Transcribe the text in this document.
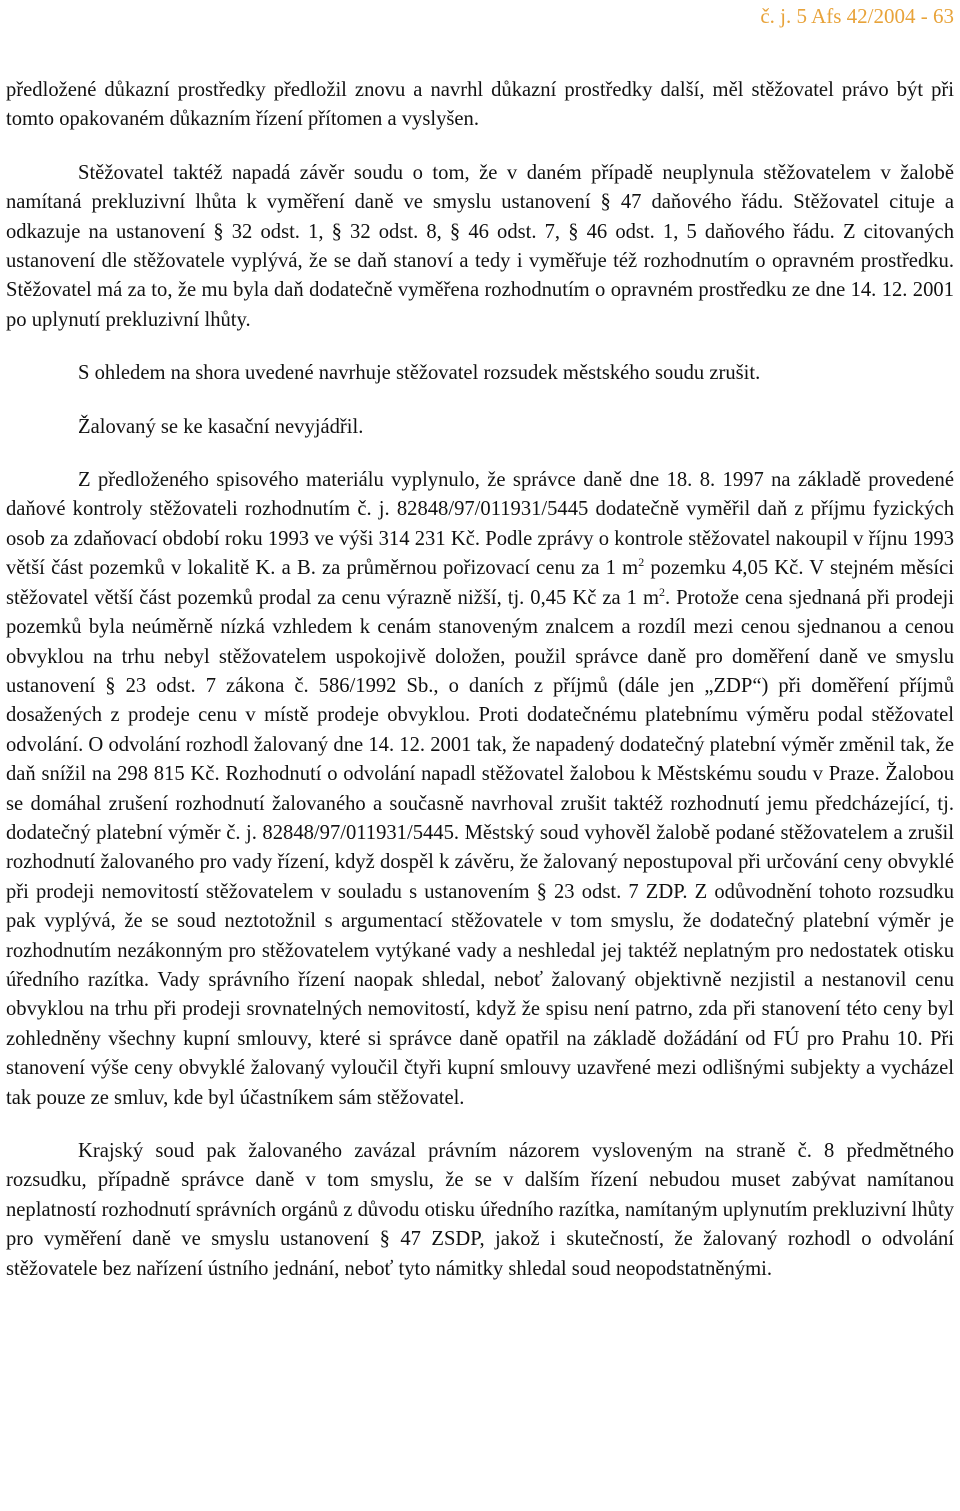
č. j. 5 Afs 42/2004 - 63

předložené důkazní prostředky předložil znovu a navrhl důkazní prostředky další, měl stěžovatel právo být při tomto opakovaném důkazním řízení přítomen a vyslyšen.

Stěžovatel taktéž napadá závěr soudu o tom, že v daném případě neuplynula stěžovatelem v žalobě namítaná prekluzivní lhůta k vyměření daně ve smyslu ustanovení § 47 daňového řádu. Stěžovatel cituje a odkazuje na ustanovení § 32 odst. 1, § 32 odst. 8, § 46 odst. 7, § 46 odst. 1, 5 daňového řádu. Z citovaných ustanovení dle stěžovatele vyplývá, že se daň stanoví a tedy i vyměřuje též rozhodnutím o opravném prostředku. Stěžovatel má za to, že mu byla daň dodatečně vyměřena rozhodnutím o opravném prostředku ze dne 14. 12. 2001 po uplynutí prekluzivní lhůty.

S ohledem na shora uvedené navrhuje stěžovatel rozsudek městského soudu zrušit.

Žalovaný se ke kasační nevyjádřil.

Z předloženého spisového materiálu vyplynulo, že správce daně dne 18. 8. 1997 na základě provedené daňové kontroly stěžovateli rozhodnutím č. j. 82848/97/011931/5445 dodatečně vyměřil daň z příjmu fyzických osob za zdaňovací období roku 1993 ve výši 314 231 Kč. Podle zprávy o kontrole stěžovatel nakoupil v říjnu 1993 větší část pozemků v lokalitě K. a B. za průměrnou pořizovací cenu za 1 $m^2$ pozemku 4,05 Kč. V stejném měsíci stěžovatel větší část pozemků prodal za cenu výrazně nižší, tj. 0,45 Kč za 1 $m^2$. Protože cena sjednaná při prodeji pozemků byla neúměrně nízká vzhledem k cenám stanoveným znalcem a rozdíl mezi cenou sjednanou a cenou obvyklou na trhu nebyl stěžovatelem uspokojivě doložen, použil správce daně pro doměření daně ve smyslu ustanovení § 23 odst. 7 zákona č. 586/1992 Sb., o daních z příjmů (dále jen „ZDP“) při doměření příjmů dosažených z prodeje cenu v místě prodeje obvyklou. Proti dodatečnému platebnímu výměru podal stěžovatel odvolání. O odvolání rozhodl žalovaný dne 14. 12. 2001 tak, že napadený dodatečný platební výměr změnil tak, že daň snížil na 298 815 Kč. Rozhodnutí o odvolání napadl stěžovatel žalobou k Městskému soudu v Praze. Žalobou se domáhal zrušení rozhodnutí žalovaného a současně navrhoval zrušit taktéž rozhodnutí jemu předcházející, tj. dodatečný platební výměr č. j. 82848/97/011931/5445. Městský soud vyhověl žalobě podané stěžovatelem a zrušil rozhodnutí žalovaného pro vady řízení, když dospěl k závěru, že žalovaný nepostupoval při určování ceny obvyklé při prodeji nemovitostí stěžovatelem v souladu s ustanovením § 23 odst. 7 ZDP. Z odůvodnění tohoto rozsudku pak vyplývá, že se soud neztotožnil s argumentací stěžovatele v tom smyslu, že dodatečný platební výměr je rozhodnutím nezákonným pro stěžovatelem vytýkané vady a neshledal jej taktéž neplatným pro nedostatek otisku úředního razítka. Vady správního řízení naopak shledal, neboť žalovaný objektivně nezjistil a nestanovil cenu obvyklou na trhu při prodeji srovnatelných nemovitostí, když že spisu není patrno, zda při stanovení této ceny byl zohledněny všechny kupní smlouvy, které si správce daně opatřil na základě dožádání od FÚ pro Prahu 10. Při stanovení výše ceny obvyklé žalovaný vyloučil čtyři kupní smlouvy uzavřené mezi odlišnými subjekty a vycházel tak pouze ze smluv, kde byl účastníkem sám stěžovatel.

Krajský soud pak žalovaného zavázal právním názorem vysloveným na straně č. 8 předmětného rozsudku, případně správce daně v tom smyslu, že se v dalším řízení nebudou muset zabývat namítanou neplatností rozhodnutí správních orgánů z důvodu otisku úředního razítka, namítaným uplynutím prekluzivní lhůty pro vyměření daně ve smyslu ustanovení § 47 ZSDP, jakož i skutečností, že žalovaný rozhodl o odvolání stěžovatele bez nařízení ústního jednání, neboť tyto námitky shledal soud neopodstatněnými.
